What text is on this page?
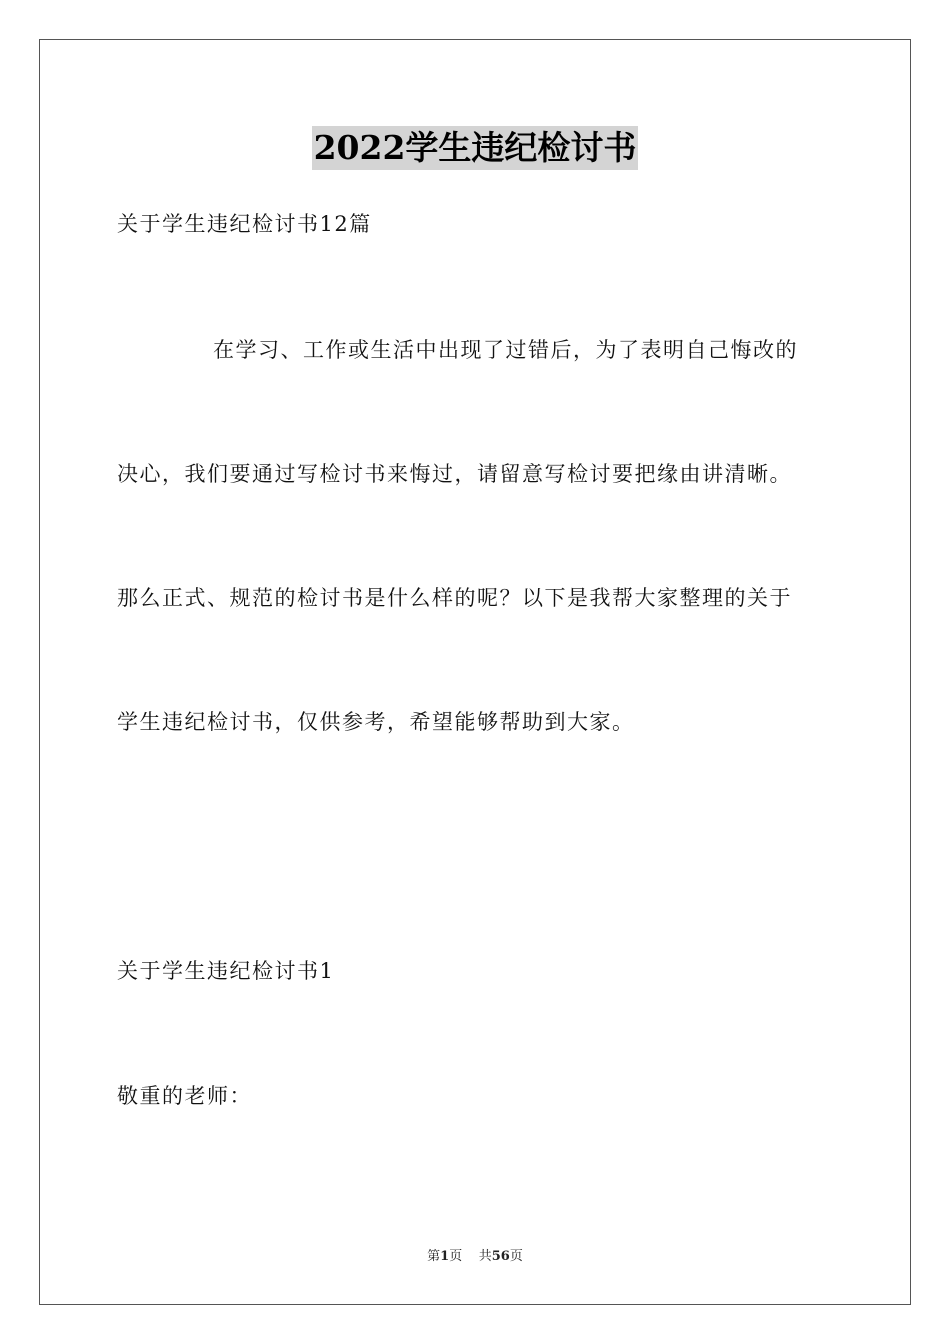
2022学生违纪检讨书
关于学生违纪检讨书12篇
在学习、工作或生活中出现了过错后，为了表明自己悔改的
决心，我们要通过写检讨书来悔过，请留意写检讨要把缘由讲清晰。
那么正式、规范的检讨书是什么样的呢？以下是我帮大家整理的关于
学生违纪检讨书，仅供参考，希望能够帮助到大家。
关于学生违纪检讨书1
敬重的老师：
第1页 共56页
